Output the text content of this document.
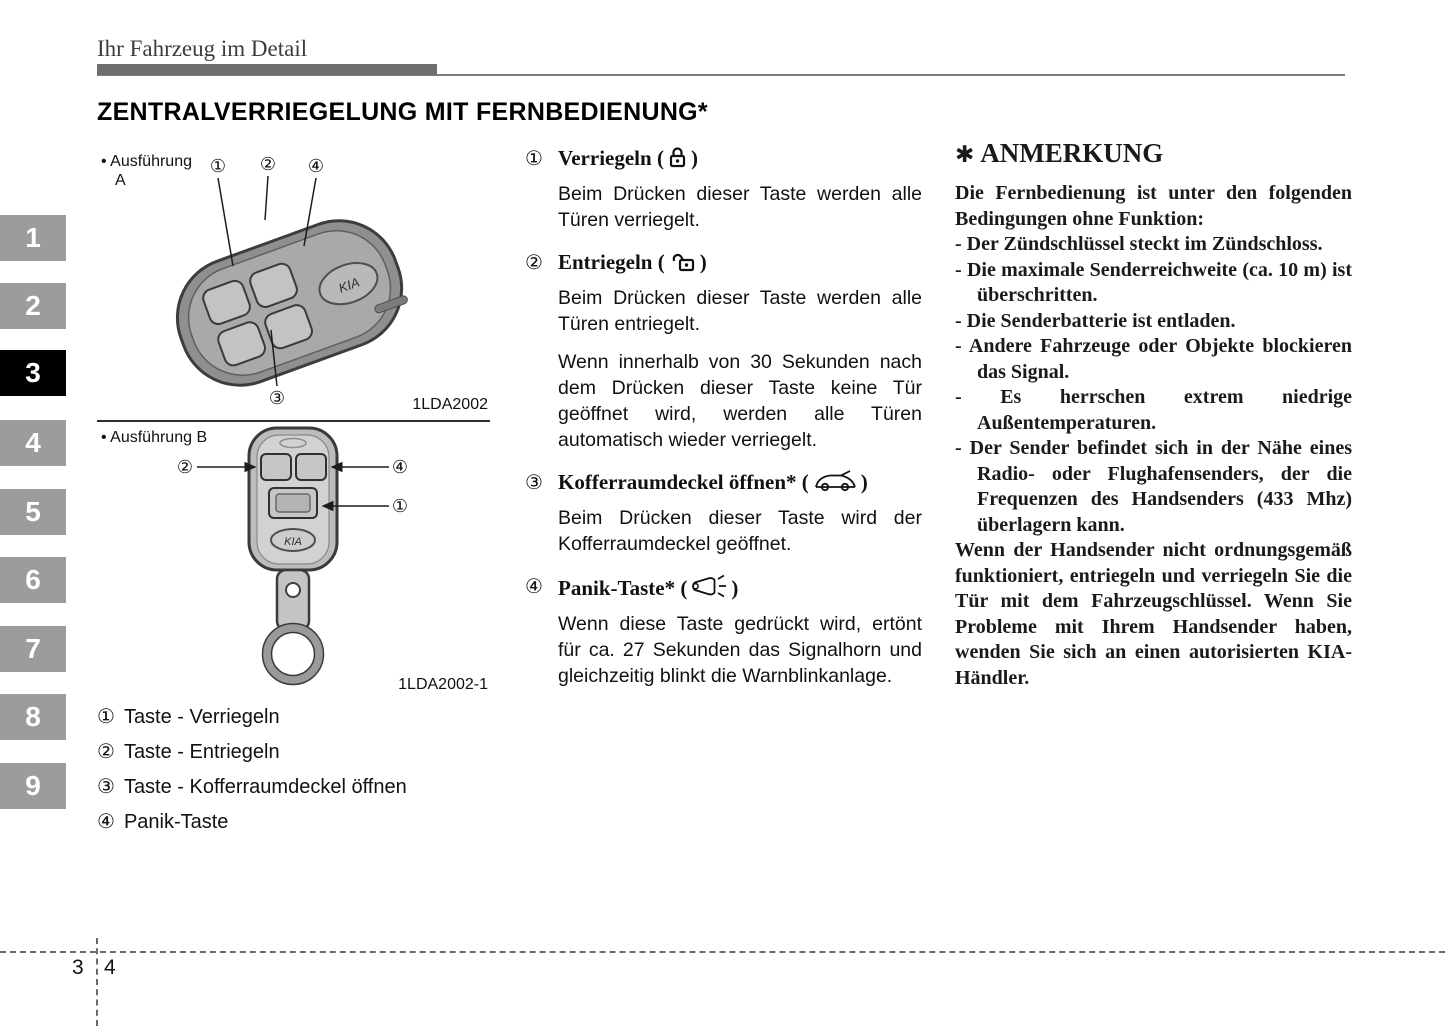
Ihr Fahrzeug im Detail
ZENTRALVERRIEGELUNG MIT FERNBEDIENUNG*
1
2
3
4
5
6
7
8
9
• Ausführung
A
1LDA2002
KIA
① ② ④
③
• Ausführung B
1LDA2002-1
KIA
②	④
①
① Taste - Verriegeln
② Taste - Entriegeln
③ Taste - Kofferraumdeckel öffnen
④ Panik-Taste
① Verriegeln ( )

Beim Drücken dieser Taste werden alle Türen verriegelt.

② Entriegeln ( )

Beim Drücken dieser Taste werden alle Türen entriegelt.

Wenn innerhalb von 30 Sekunden nach dem Drücken dieser Taste keine Tür geöffnet wird, werden alle Türen automatisch wieder verriegelt.

③ Kofferraumdeckel öffnen* ( )

Beim Drücken dieser Taste wird der Kofferraumdeckel geöffnet.

④ Panik-Taste* ( )

Wenn diese Taste gedrückt wird, ertönt für ca. 27 Sekunden das Signalhorn und gleichzeitig blinkt die Warnblinkanlage.

✱ ANMERKUNG

Die Fernbedienung ist unter den folgenden Bedingungen ohne Funktion:

- Der Zündschlüssel steckt im Zündschloss.

- Die maximale Senderreichweite (ca. 10 m) ist überschritten.

- Die Senderbatterie ist entladen.

- Andere Fahrzeuge oder Objekte blockieren das Signal.

- Es herrschen extrem niedrige Außentemperaturen.

- Der Sender befindet sich in der Nähe eines Radio- oder Flughafensenders, der die Frequenzen des Handsenders (433 Mhz) überlagern kann.

Wenn der Handsender nicht ordnungsgemäß funktioniert, entriegeln und verriegeln Sie die Tür mit dem Fahrzeugschlüssel. Wenn Sie Probleme mit Ihrem Handsender haben, wenden Sie sich an einen autorisierten KIA-Händler.

3 4
